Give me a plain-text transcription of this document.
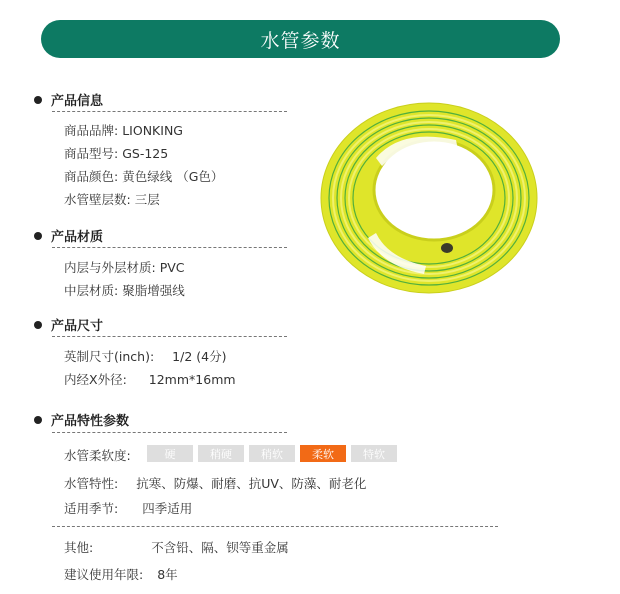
水管参数
产品信息
商品品牌: LIONKING
商品型号: GS-125
商品颜色: 黄色绿线 （G色）
水管壁层数: 三层
产品材质
内层与外层材质: PVC
中层材质: 聚脂增强线
产品尺寸
英制尺寸(inch): 1/2 (4分)
内经X外径: 12mm*16mm
产品特性参数
水管柔软度:	硬	稍硬	稍软	柔软	特软
水管特性: 抗寒、防爆、耐磨、抗UV、防藻、耐老化
适用季节: 四季适用
其他:	不含铅、隔、钡等重金属
建议使用年限: 8年
